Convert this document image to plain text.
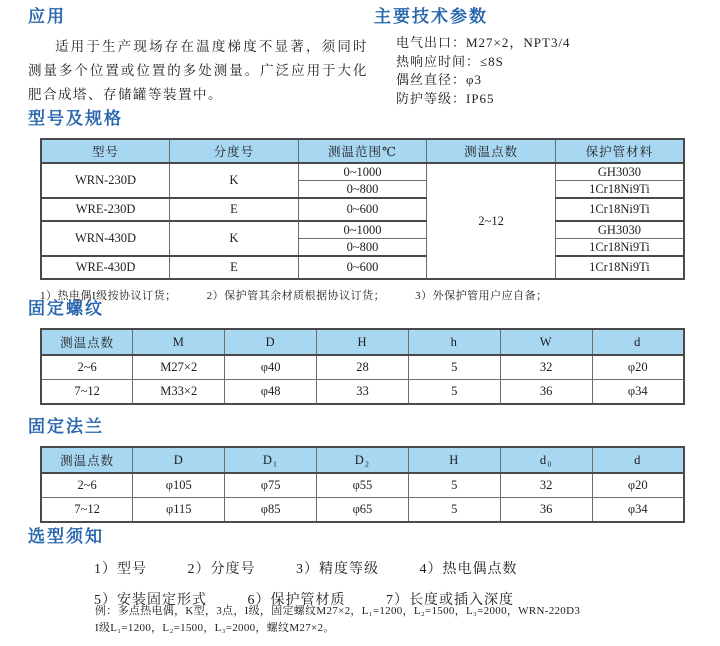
应用

适用于生产现场存在温度梯度不显著，须同时测量多个位置或位置的多处测量。广泛应用于大化肥合成塔、存储罐等装置中。

主要技术参数
电气出口：M27×2，NPT3/4
热响应时间：≤8S
偶丝直径：φ3
防护等级：IP65
型号及规格
型号	分度号	测温范围℃	测温点数	保护管材料
WRN-230D	K	0~1000	2~12	GH3030
		0~800		1Cr18Ni9Ti
WRE-230D	E	0~600		1Cr18Ni9Ti
WRN-430D	K	0~1000		GH3030
		0~800		1Cr18Ni9Ti
WRE-430D	E	0~600		1Cr18Ni9Ti
1）热电偶I级按协议订货；	2）保护管其余材质根据协议订货；	3）外保护管用户应自备；
固定螺纹
测温点数	M	D	H	h	W	d
2~6	M27×2	φ40	28	5	32	φ20
7~12	M33×2	φ48	33	5	36	φ34
固定法兰
测温点数	D	D₁	D₂	H	d₀	d
2~6	φ105	φ75	φ55	5	32	φ20
7~12	φ115	φ85	φ65	5	36	φ34
选型须知
1）型号	2）分度号	3）精度等级	4）热电偶点数
5）安装固定形式	6）保护管材质	7）长度或插入深度
例：多点热电偶，K型，3点，I级，固定螺纹M27×2，L₁=1200，L₂=1500，L₃=2000，WRN-220D3
I级L₁=1200，L₂=1500，L₃=2000，螺纹M27×2。
